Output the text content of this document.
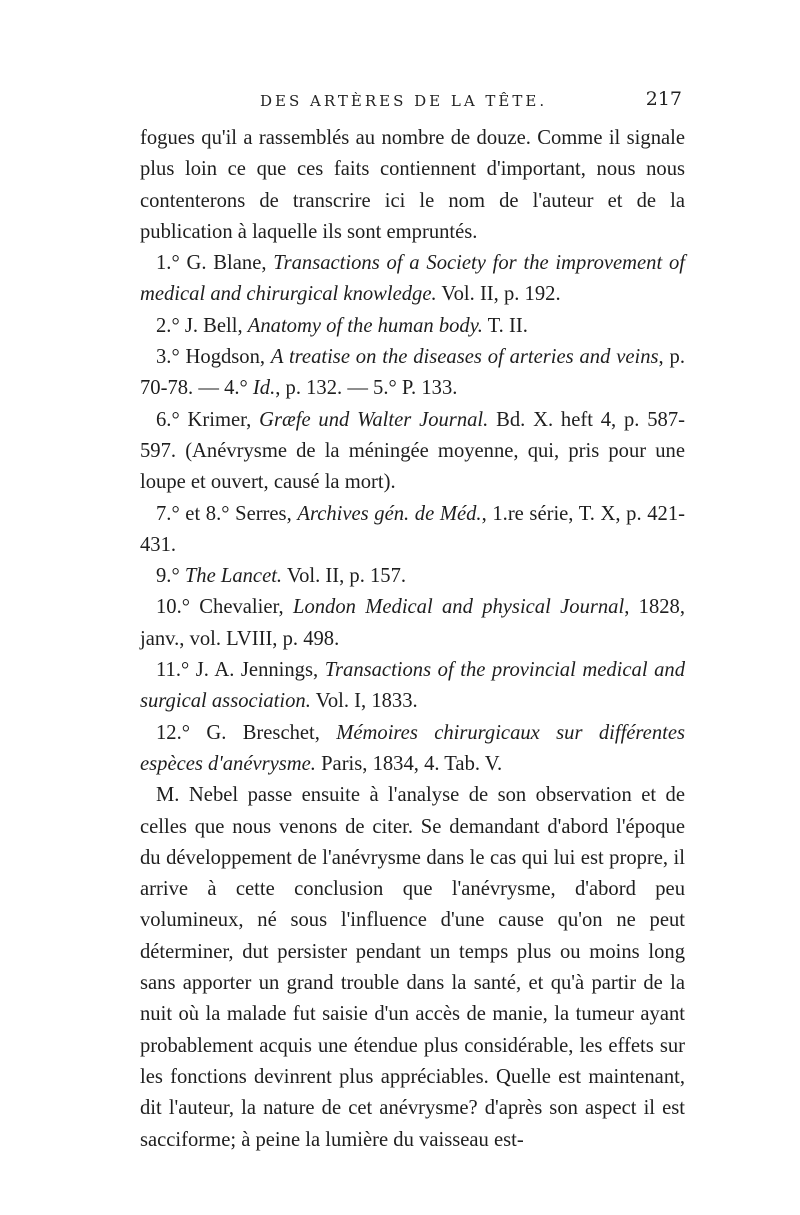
DES ARTÈRES DE LA TÊTE.	217

fogues qu'il a rassemblés au nombre de douze. Comme il signale plus loin ce que ces faits contiennent d'important, nous nous contenterons de transcrire ici le nom de l'auteur et de la publication à laquelle ils sont empruntés.

1.° G. Blane, Transactions of a Society for the improvement of medical and chirurgical knowledge. Vol. II, p. 192.

2.° J. Bell, Anatomy of the human body. T. II.

3.° Hogdson, A treatise on the diseases of arteries and veins, p. 70-78. — 4.° Id., p. 132. — 5.° P. 133.

6.° Krimer, Græfe und Walter Journal. Bd. X. heft 4, p. 587-597. (Anévrysme de la méningée moyenne, qui, pris pour une loupe et ouvert, causé la mort).

7.° et 8.° Serres, Archives gén. de Méd., 1.re série, T. X, p. 421-431.

9.° The Lancet. Vol. II, p. 157.

10.° Chevalier, London Medical and physical Journal, 1828, janv., vol. LVIII, p. 498.

11.° J. A. Jennings, Transactions of the provincial medical and surgical association. Vol. I, 1833.

12.° G. Breschet, Mémoires chirurgicaux sur différentes espèces d'anévrysme. Paris, 1834, 4. Tab. V.

M. Nebel passe ensuite à l'analyse de son observation et de celles que nous venons de citer. Se demandant d'abord l'époque du développement de l'anévrysme dans le cas qui lui est propre, il arrive à cette conclusion que l'anévrysme, d'abord peu volumineux, né sous l'influence d'une cause qu'on ne peut déterminer, dut persister pendant un temps plus ou moins long sans apporter un grand trouble dans la santé, et qu'à partir de la nuit où la malade fut saisie d'un accès de manie, la tumeur ayant probablement acquis une étendue plus considérable, les effets sur les fonctions devinrent plus appréciables. Quelle est maintenant, dit l'auteur, la nature de cet anévrysme? d'après son aspect il est sacciforme; à peine la lumière du vaisseau est-
